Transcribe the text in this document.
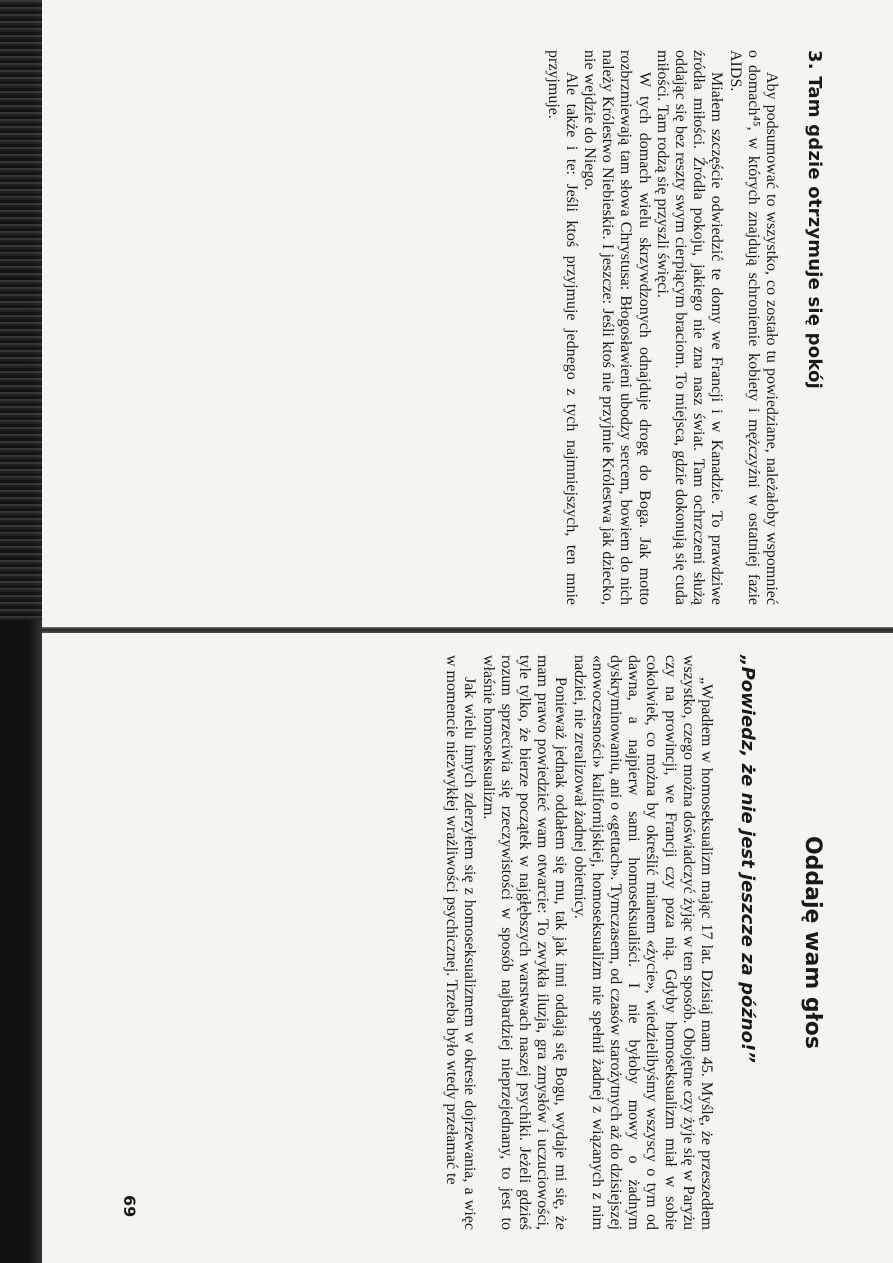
3. Tam gdzie otrzymuje się pokój

Aby podsumować to wszystko, co zostało tu powiedziane, należałoby wspomnieć o domach⁴⁵, w których znajdują schronienie kobiety i mężczyźni w ostatniej fazie AIDS.

Miałem szczęście odwiedzić te domy we Francji i w Kanadzie. To prawdziwe źródła miłości. Źródła pokoju, jakiego nie zna nasz świat. Tam ochrzczeni służą oddając się bez reszty swym cierpiącym braciom. To miejsca, gdzie dokonują się cuda miłości. Tam rodzą się przyszli święci.

W tych domach wielu skrzywdzonych odnajduje drogę do Boga. Jak motto rozbrzmiewają tam słowa Chrystusa: Błogosławieni ubodzy sercem, bowiem do nich należy Królestwo Niebieskie. I jeszcze: Jeśli ktoś nie przyjmie Królestwa jak dziecko, nie wejdzie do Niego.

Ale także i te: Jeśli ktoś przyjmuje jednego z tych najmniejszych, ten mnie przyjmuje.

Oddaję wam głos
„Powiedz, że nie jest jeszcze za późno!”

„Wpadłem w homoseksualizm mając 17 lat. Dzisiaj mam 45. Myślę, że przeszedłem wszystko, czego można doświadczyć żyjąc w ten sposób. Obojętne czy żyje się w Paryżu czy na prowincji, we Francji czy poza nią. Gdyby homoseksualizm miał w sobie cokolwiek, co można by określić mianem «życie», wiedzielibyśmy wszyscy o tym od dawna, a najpierw sami homoseksualiści. I nie byłoby mowy o żadnym dyskryminowaniu, ani o «gettach». Tymczasem, od czasów starożytnych aż do dzisiejszej «nowoczesności» kalifornijskiej, homoseksualizm nie spełnił żadnej z wiązanych z nim nadziei, nie zrealizował żadnej obietnicy.

Ponieważ jednak oddałem się mu, tak jak inni oddają się Bogu, wydaje mi się, że mam prawo powiedzieć wam otwarcie: To zwykła iluzja, gra zmysłów i uczuciowości, tyle tylko, że bierze początek w najgłębszych warstwach naszej psychiki. Jeżeli gdzieś rozum sprzeciwia się rzeczywistości w sposób najbardziej nieprzejednany, to jest to właśnie homoseksualizm.

Jak wielu innych zderzyłem się z homoseksualizmem w okresie dojrzewania, a więc w momencie niezwykłej wrażliwości psychicznej. Trzeba było wtedy przełamać te

69
